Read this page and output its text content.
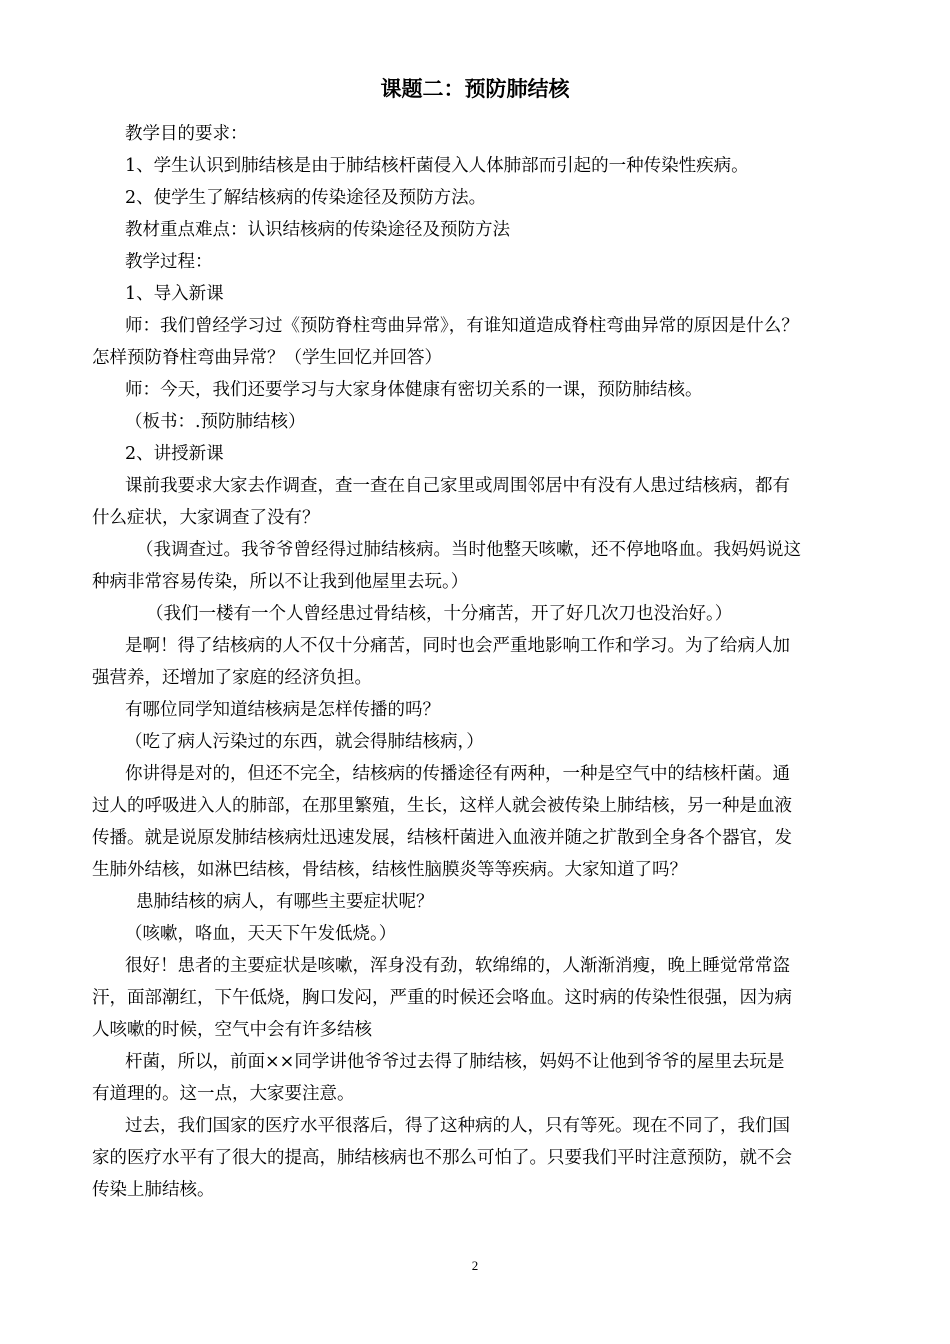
课题二：预防肺结核

教学目的要求：

1、学生认识到肺结核是由于肺结核杆菌侵入人体肺部而引起的一种传染性疾病。

2、使学生了解结核病的传染途径及预防方法。

教材重点难点：认识结核病的传染途径及预防方法

教学过程：

1、导入新课

师：我们曾经学习过《预防脊柱弯曲异常》，有谁知道造成脊柱弯曲异常的原因是什么？

怎样预防脊柱弯曲异常？（学生回忆并回答）

师：今天，我们还要学习与大家身体健康有密切关系的一课，预防肺结核。

（板书：.预防肺结核）

2、讲授新课

课前我要求大家去作调查，查一查在自己家里或周围邻居中有没有人患过结核病，都有

什么症状，大家调查了没有？

（我调查过。我爷爷曾经得过肺结核病。当时他整天咳嗽，还不停地咯血。我妈妈说这

种病非常容易传染，所以不让我到他屋里去玩。）

（我们一楼有一个人曾经患过骨结核，十分痛苦，开了好几次刀也没治好。）

是啊！得了结核病的人不仅十分痛苦，同时也会严重地影响工作和学习。为了给病人加

强营养，还增加了家庭的经济负担。

有哪位同学知道结核病是怎样传播的吗？

（吃了病人污染过的东西，就会得肺结核病，）

你讲得是对的，但还不完全，结核病的传播途径有两种，一种是空气中的结核杆菌。通

过人的呼吸进入人的肺部，在那里繁殖，生长，这样人就会被传染上肺结核，另一种是血液

传播。就是说原发肺结核病灶迅速发展，结核杆菌进入血液并随之扩散到全身各个器官，发

生肺外结核，如淋巴结核，骨结核，结核性脑膜炎等等疾病。大家知道了吗？

患肺结核的病人，有哪些主要症状呢？

（咳嗽，咯血，天天下午发低烧。）

很好！患者的主要症状是咳嗽，浑身没有劲，软绵绵的，人渐渐消瘦，晚上睡觉常常盗

汗，面部潮红，下午低烧，胸口发闷，严重的时候还会咯血。这时病的传染性很强，因为病

人咳嗽的时候，空气中会有许多结核

杆菌，所以，前面××同学讲他爷爷过去得了肺结核，妈妈不让他到爷爷的屋里去玩是

有道理的。这一点，大家要注意。

过去，我们国家的医疗水平很落后，得了这种病的人，只有等死。现在不同了，我们国

家的医疗水平有了很大的提高，肺结核病也不那么可怕了。只要我们平时注意预防，就不会

传染上肺结核。

2
